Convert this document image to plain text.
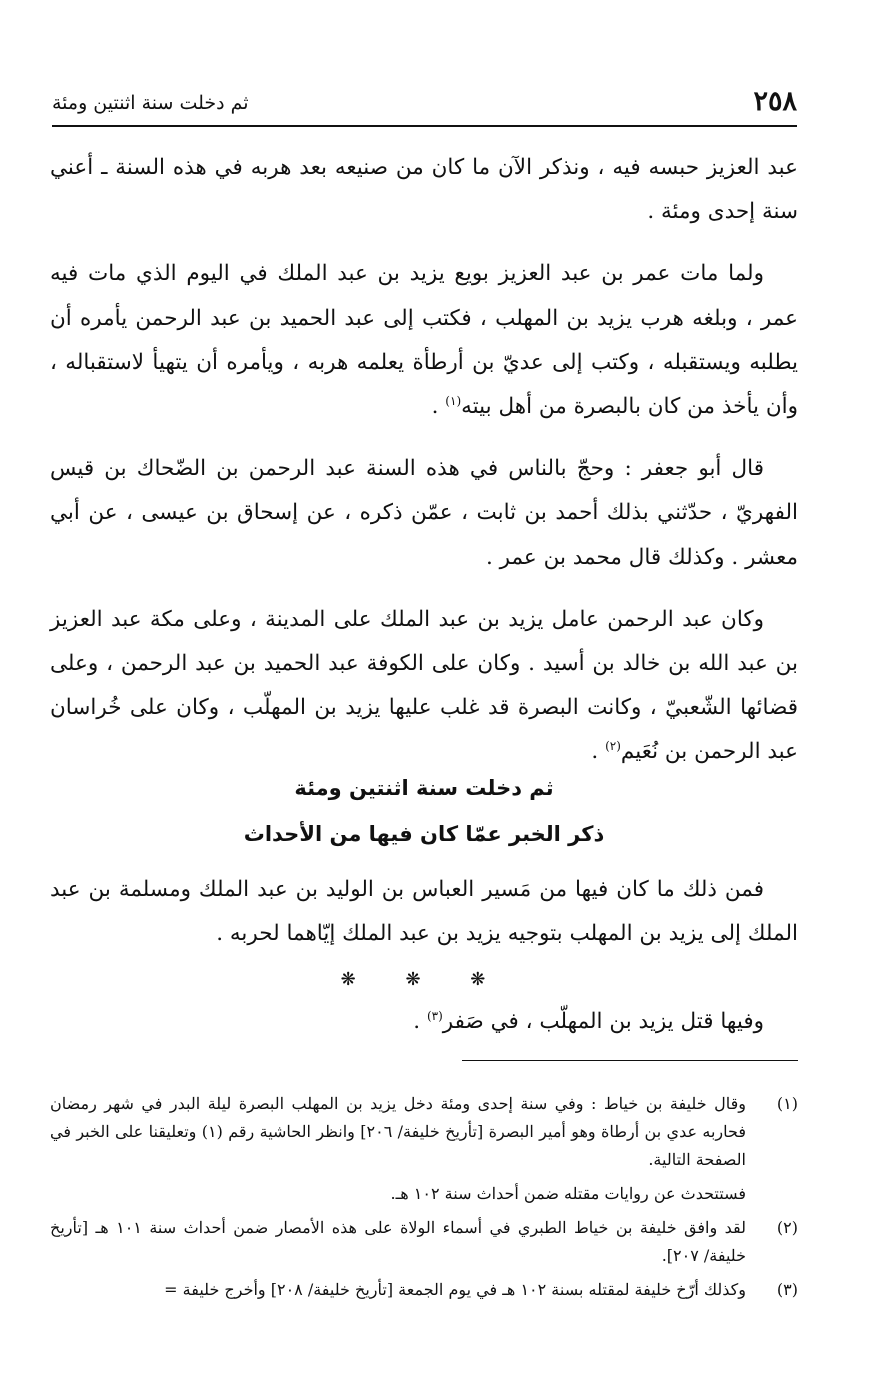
٢٥٨
ثم دخلت سنة اثنتين ومئة

عبد العزيز حبسه فيه ، ونذكر الآن ما كان من صنيعه بعد هربه في هذه السنة ـ أعني سنة إحدى ومئة .

ولما مات عمر بن عبد العزيز بويع يزيد بن عبد الملك في اليوم الذي مات فيه عمر ، وبلغه هرب يزيد بن المهلب ، فكتب إلى عبد الحميد بن عبد الرحمن يأمره أن يطلبه ويستقبله ، وكتب إلى عديّ بن أرطأة يعلمه هربه ، ويأمره أن يتهيأ لاستقباله ، وأن يأخذ من كان بالبصرة من أهل بيته$^{(١)}$ .

قال أبو جعفر : وحجّ بالناس في هذه السنة عبد الرحمن بن الضّحاك بن قيس الفهريّ ، حدّثني بذلك أحمد بن ثابت ، عمّن ذكره ، عن إسحاق بن عيسى ، عن أبي معشر . وكذلك قال محمد بن عمر .

وكان عبد الرحمن عامل يزيد بن عبد الملك على المدينة ، وعلى مكة عبد العزيز بن عبد الله بن خالد بن أسيد . وكان على الكوفة عبد الحميد بن عبد الرحمن ، وعلى قضائها الشّعبيّ ، وكانت البصرة قد غلب عليها يزيد بن المهلّب ، وكان على خُراسان عبد الرحمن بن نُعَيم$^{(٢)}$ .

ثم دخلت سنة اثنتين ومئة

ذكر الخبر عمّا كان فيها من الأحداث

فمن ذلك ما كان فيها من مَسير العباس بن الوليد بن عبد الملك ومسلمة بن عبد الملك إلى يزيد بن المهلب بتوجيه يزيد بن عبد الملك إيّاهما لحربه .

❋ ❋ ❋

وفيها قتل يزيد بن المهلّب ، في صَفر$^{(٣)}$ .

(١)
وقال خليفة بن خياط : وفي سنة إحدى ومئة دخل يزيد بن المهلب البصرة ليلة البدر في شهر رمضان فحاربه عدي بن أرطاة وهو أمير البصرة [تأريخ خليفة/ ٢٠٦] وانظر الحاشية رقم (١) وتعليقنا على الخبر في الصفحة التالية.
فستتحدث عن روايات مقتله ضمن أحداث سنة ١٠٢ هـ.
(٢)
لقد وافق خليفة بن خياط الطبري في أسماء الولاة على هذه الأمصار ضمن أحداث سنة ١٠١ هـ [تأريخ خليفة/ ٢٠٧].
(٣)
وكذلك أرّخ خليفة لمقتله بسنة ١٠٢ هـ في يوم الجمعة [تأريخ خليفة/ ٢٠٨] وأخرج خليفة =
